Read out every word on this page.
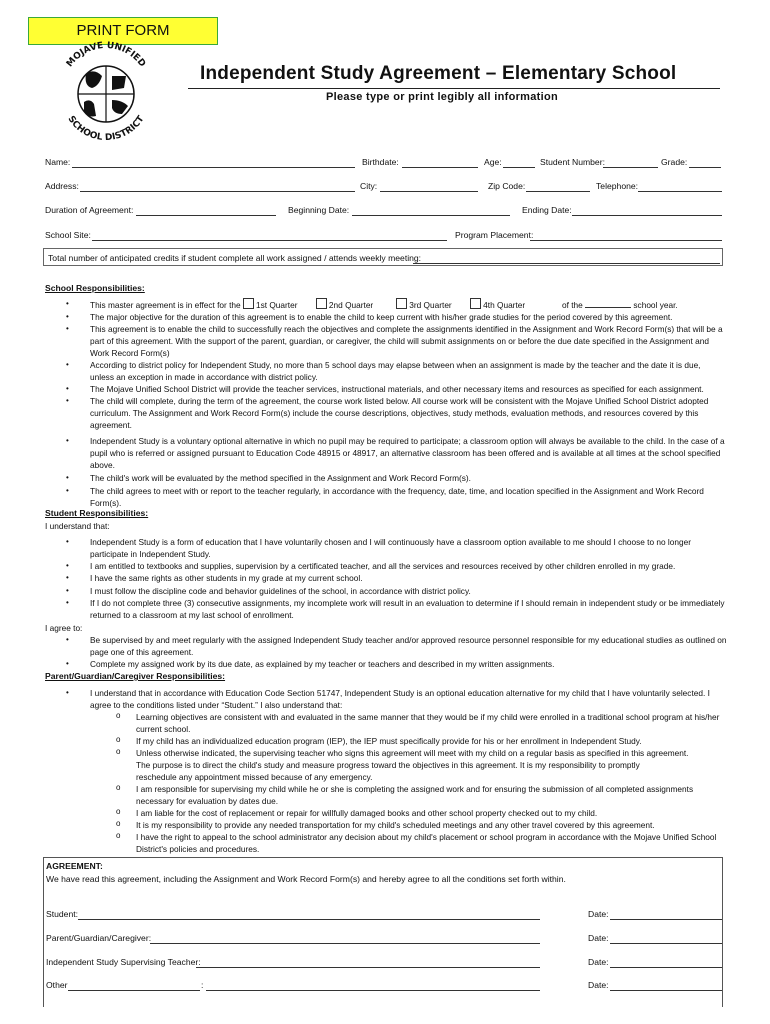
PRINT FORM
MOJAVE UNIFIED
SCHOOL DISTRICT
Independent Study Agreement – Elementary School
Please type or print legibly all information
Name:	Birthdate:	Age:	Student Number:	Grade:
Address:	City:	Zip Code:	Telephone:
Duration of Agreement:	Beginning Date:	Ending Date:
School Site:	Program Placement:
Total number of anticipated credits if student complete all work assigned / attends weekly meeting:
School Responsibilities:
•	This master agreement is in effect for the 1st Quarter	2nd Quarter	3rd Quarter	4th Quarter	of the	school year.
•	The major objective for the duration of this agreement is to enable the child to keep current with his/her grade studies for the period covered by this agreement.
•	This agreement is to enable the child to successfully reach the objectives and complete the assignments identified in the Assignment and Work Record Form(s) that will be a
part of this agreement. With the support of the parent, guardian, or caregiver, the child will submit assignments on or before the due date specified in the Assignment and
Work Record Form(s)
•	According to district policy for Independent Study, no more than 5 school days may elapse between when an assignment is made by the teacher and the date it is due,
unless an exception in made in accordance with district policy.
•	The Mojave Unified School District will provide the teacher services, instructional materials, and other necessary items and resources as specified for each assignment.
•	The child will complete, during the term of the agreement, the course work listed below. All course work will be consistent with the Mojave Unified School District adopted
curriculum. The Assignment and Work Record Form(s) include the course descriptions, objectives, study methods, evaluation methods, and resources covered by this
agreement.
•	Independent Study is a voluntary optional alternative in which no pupil may be required to participate; a classroom option will always be available to the child. In the case of a
pupil who is referred or assigned pursuant to Education Code 48915 or 48917, an alternative classroom has been offered and is available at all times at the school specified
above.
•	The child's work will be evaluated by the method specified in the Assignment and Work Record Form(s).
•	The child agrees to meet with or report to the teacher regularly, in accordance with the frequency, date, time, and location specified in the Assignment and Work Record
Form(s).
Student Responsibilities:
I understand that:
•	Independent Study is a form of education that I have voluntarily chosen and I will continuously have a classroom option available to me should I choose to no longer
participate in Independent Study.
•	I am entitled to textbooks and supplies, supervision by a certificated teacher, and all the services and resources received by other children enrolled in my grade.
•	I have the same rights as other students in my grade at my current school.
•	I must follow the discipline code and behavior guidelines of the school, in accordance with district policy.
•	If I do not complete three (3) consecutive assignments, my incomplete work will result in an evaluation to determine if I should remain in independent study or be immediately
returned to a classroom at my last school of enrollment.
I agree to:
•	Be supervised by and meet regularly with the assigned Independent Study teacher and/or approved resource personnel responsible for my educational studies as outlined on
page one of this agreement.
•	Complete my assigned work by its due date, as explained by my teacher or teachers and described in my written assignments.
Parent/Guardian/Caregiver Responsibilities:
•	I understand that in accordance with Education Code Section 51747, Independent Study is an optional education alternative for my child that I have voluntarily selected. I
agree to the conditions listed under “Student.” I also understand that:
o Learning objectives are consistent with and evaluated in the same manner that they would be if my child were enrolled in a traditional school program at his/her
current school.
o If my child has an individualized education program (IEP), the IEP must specifically provide for his or her enrollment in Independent Study.
o Unless otherwise indicated, the supervising teacher who signs this agreement will meet with my child on a regular basis as specified in this agreement.
The purpose is to direct the child's study and measure progress toward the objectives in this agreement. It is my responsibility to promptly
reschedule any appointment missed because of any emergency.
o I am responsible for supervising my child while he or she is completing the assigned work and for ensuring the submission of all completed assignments
necessary for evaluation by dates due.
o I am liable for the cost of replacement or repair for willfully damaged books and other school property checked out to my child.
o It is my responsibility to provide any needed transportation for my child's scheduled meetings and any other travel covered by this agreement.
o I have the right to appeal to the school administrator any decision about my child's placement or school program in accordance with the Mojave Unified School
District's policies and procedures.
AGREEMENT:
We have read this agreement, including the Assignment and Work Record Form(s) and hereby agree to all the conditions set forth within.
Student:	Date:
Parent/Guardian/Caregiver:	Date:
Independent Study Supervising Teacher:	Date:
Other	:	Date:
